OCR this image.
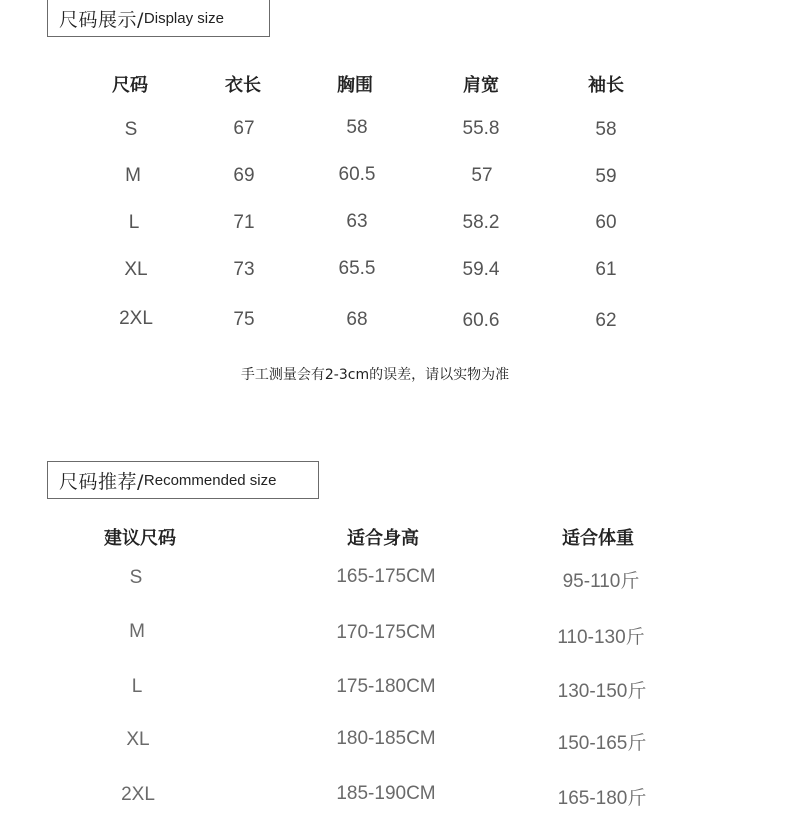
尺码展示/ Display size
尺码	衣长	胸围	肩宽	袖长
S	67	58	55.8	58
M	69	60.5	57	59
L	71	63	58.2	60
XL	73	65.5	59.4	61
2XL	75	68	60.6	62
手工测量会有2-3cm的误差，请以实物为准
尺码推荐/ Recommended size
建议尺码	适合身高	适合体重
S	165-175CM	95-110斤
M	170-175CM	110-130斤
L	175-180CM	130-150斤
XL	180-185CM	150-165斤
2XL	185-190CM	165-180斤
